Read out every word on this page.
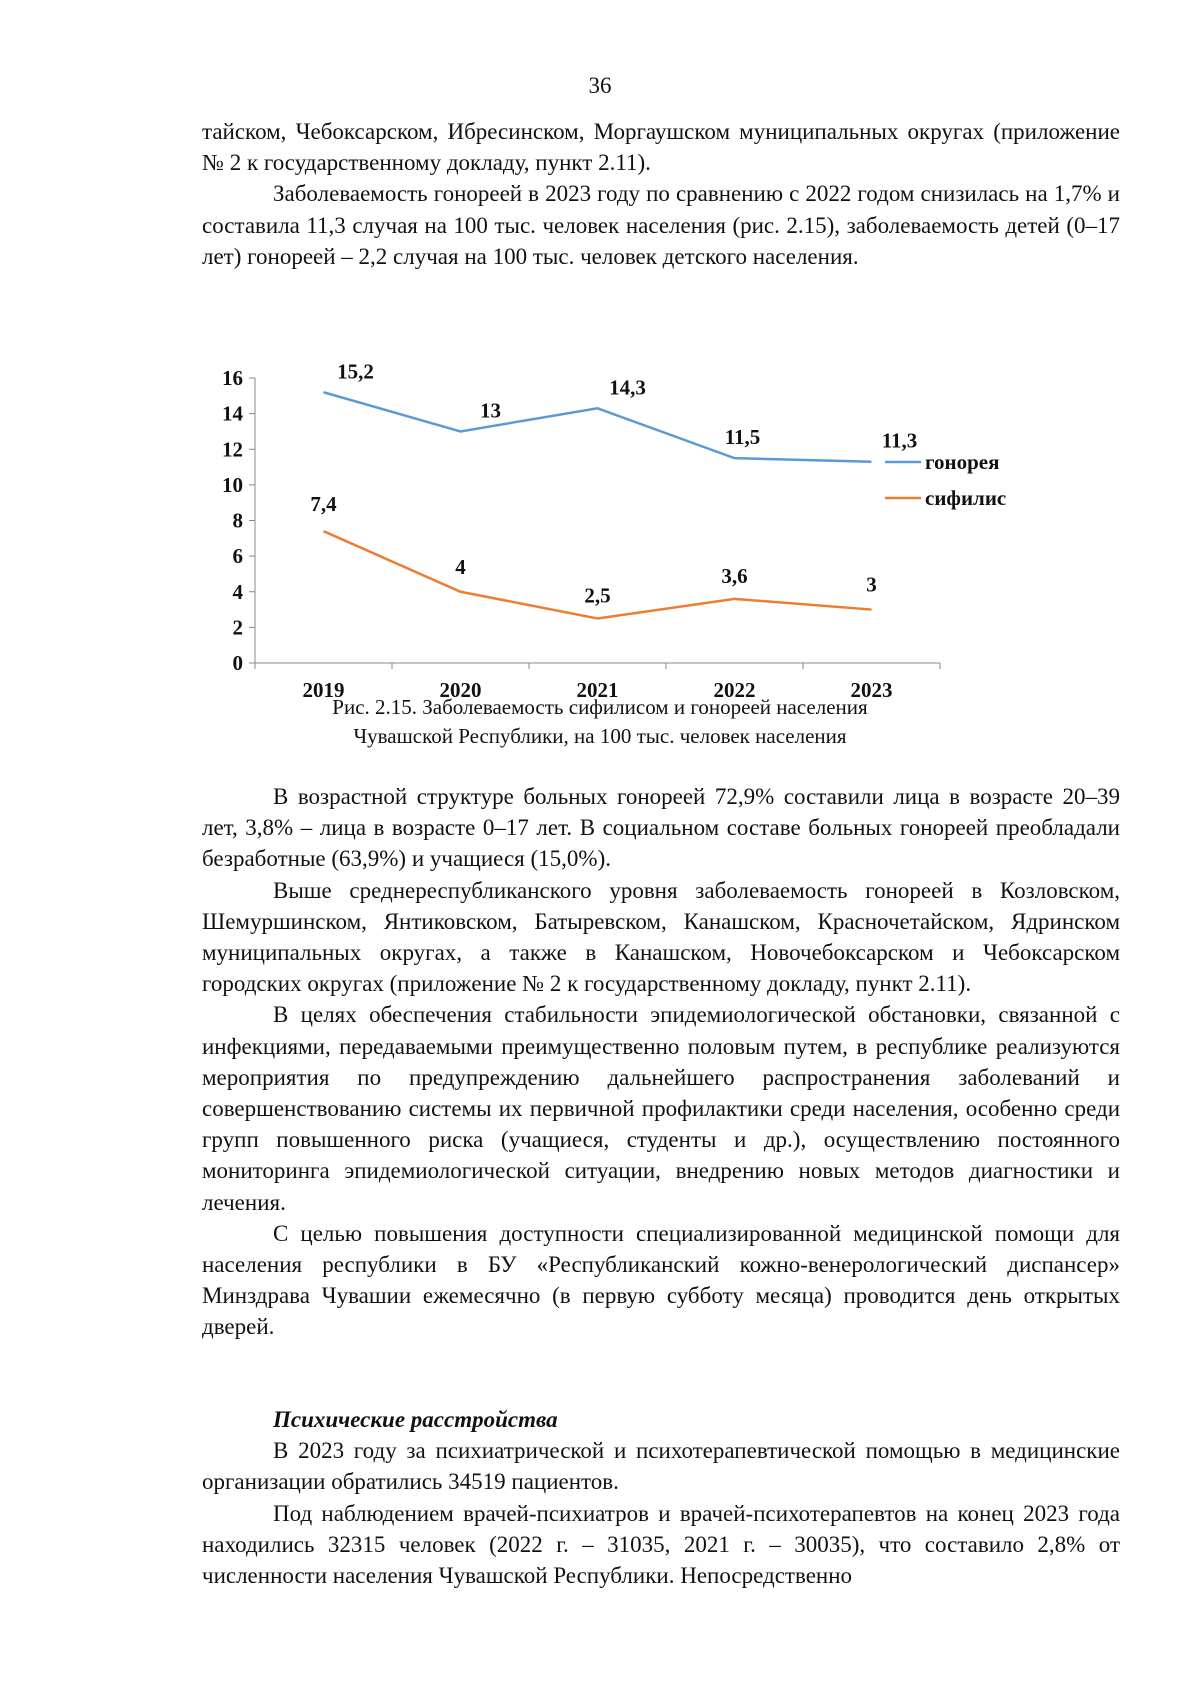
36

тайском, Чебоксарском, Ибресинском, Моргаушском муниципальных округах (приложение № 2 к государственному докладу, пункт 2.11).

Заболеваемость гонореей в 2023 году по сравнению с 2022 годом снизилась на 1,7% и составила 11,3 случая на 100 тыс. человек населения (рис. 2.15), заболеваемость детей (0–17 лет) гонореей – 2,2 случая на 100 тыс. человек детского населения.

0
2
4
6
8
10
12
14
16
2019	2020	2021	2022	2023
15,2
13
14,3
11,5	11,3
7,4
4
2,5
3,6	3
гонорея
сифилис
Рис. 2.15. Заболеваемость сифилисом и гонореей населения
Чувашской Республики, на 100 тыс. человек населения

В возрастной структуре больных гонореей 72,9% составили лица в возрасте 20–39 лет, 3,8% – лица в возрасте 0–17 лет. В социальном составе больных гонореей преобладали безработные (63,9%) и учащиеся (15,0%).

Выше среднереспубликанского уровня заболеваемость гонореей в Козловском, Шемуршинском, Янтиковском, Батыревском, Канашском, Красночетайском, Ядринском муниципальных округах, а также в Канашском, Новочебоксарском и Чебоксарском городских округах (приложение № 2 к государственному докладу, пункт 2.11).

В целях обеспечения стабильности эпидемиологической обстановки, связанной с инфекциями, передаваемыми преимущественно половым путем, в республике реализуются мероприятия по предупреждению дальнейшего распространения заболеваний и совершенствованию системы их первичной профилактики среди населения, особенно среди групп повышенного риска (учащиеся, студенты и др.), осуществлению постоянного мониторинга эпидемиологической ситуации, внедрению новых методов диагностики и лечения.

С целью повышения доступности специализированной медицинской помощи для населения республики в БУ «Республиканский кожно-венерологический диспансер» Минздрава Чувашии ежемесячно (в первую субботу месяца) проводится день открытых дверей.

Психические расстройства

В 2023 году за психиатрической и психотерапевтической помощью в медицинские организации обратились 34519 пациентов.

Под наблюдением врачей-психиатров и врачей-психотерапевтов на конец 2023 года находились 32315 человек (2022 г. – 31035, 2021 г. – 30035), что составило 2,8% от численности населения Чувашской Республики. Непосредственно
